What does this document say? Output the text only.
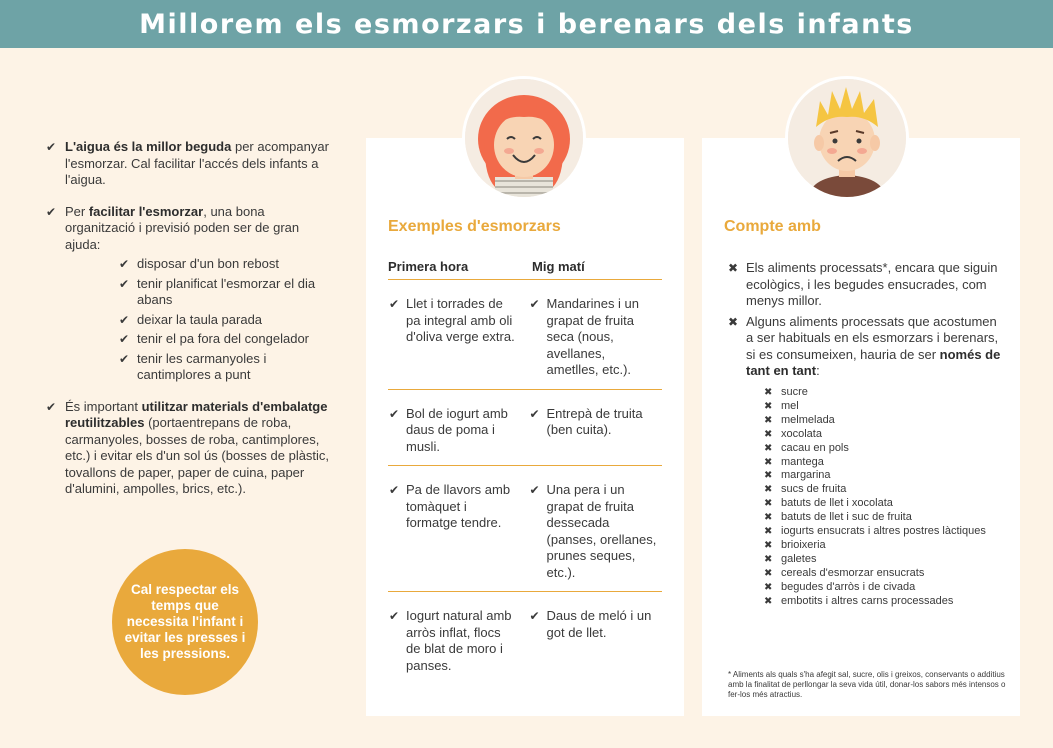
Millorem els esmorzars i berenars dels infants
✔ L'aigua és la millor beguda per acompanyar l'esmorzar. Cal facilitar l'accés dels infants a l'aigua.
✔ Per facilitar l'esmorzar, una bona organització i previsió poden ser de gran ajuda:
✔ disposar d'un bon rebost
✔ tenir planificat l'esmorzar el dia abans
✔ deixar la taula parada
✔ tenir el pa fora del congelador
✔ tenir les carmanyoles i cantimplores a punt
✔ És important utilitzar materials d'embalatge reutilitzables (portaentrepans de roba, carmanyoles, bosses de roba, cantimplores, etc.) i evitar els d'un sol ús (bosses de plàstic, tovallons de paper, paper de cuina, paper d'alumini, ampolles, brics, etc.).
Cal respectar els temps que necessita l'infant i evitar les presses i les pressions.
Exemples d'esmorzars
Primera hora	Mig matí
✔ Llet i torrades de pa integral amb oli d'oliva verge extra.
✔ Mandarines i un grapat de fruita seca (nous, avellanes, ametlles, etc.).
✔ Bol de iogurt amb daus de poma i musli.
✔ Entrepà de truita (ben cuita).
✔ Pa de llavors amb tomàquet i formatge tendre.
✔ Una pera i un grapat de fruita dessecada (panses, orellanes, prunes seques, etc.).
✔ Iogurt natural amb arròs inflat, flocs de blat de moro i panses.
✔ Daus de meló i un got de llet.
Compte amb
✖ Els aliments processats*, encara que siguin ecològics, i les begudes ensucrades, com menys millor.
✖ Alguns aliments processats que acostumen a ser habituals en els esmorzars i berenars, si es consumeixen, hauria de ser només de tant en tant:
✖ sucre
✖ mel
✖ melmelada
✖ xocolata
✖ cacau en pols
✖ mantega
✖ margarina
✖ sucs de fruita
✖ batuts de llet i xocolata
✖ batuts de llet i suc de fruita
✖ iogurts ensucrats i altres postres làctiques
✖ brioixeria
✖ galetes
✖ cereals d'esmorzar ensucrats
✖ begudes d'arròs i de civada
✖ embotits i altres carns processades
* Aliments als quals s'ha afegit sal, sucre, olis i greixos, conservants o additius amb la finalitat de perllongar la seva vida útil, donar-los sabors més intensos o fer-los més atractius.
